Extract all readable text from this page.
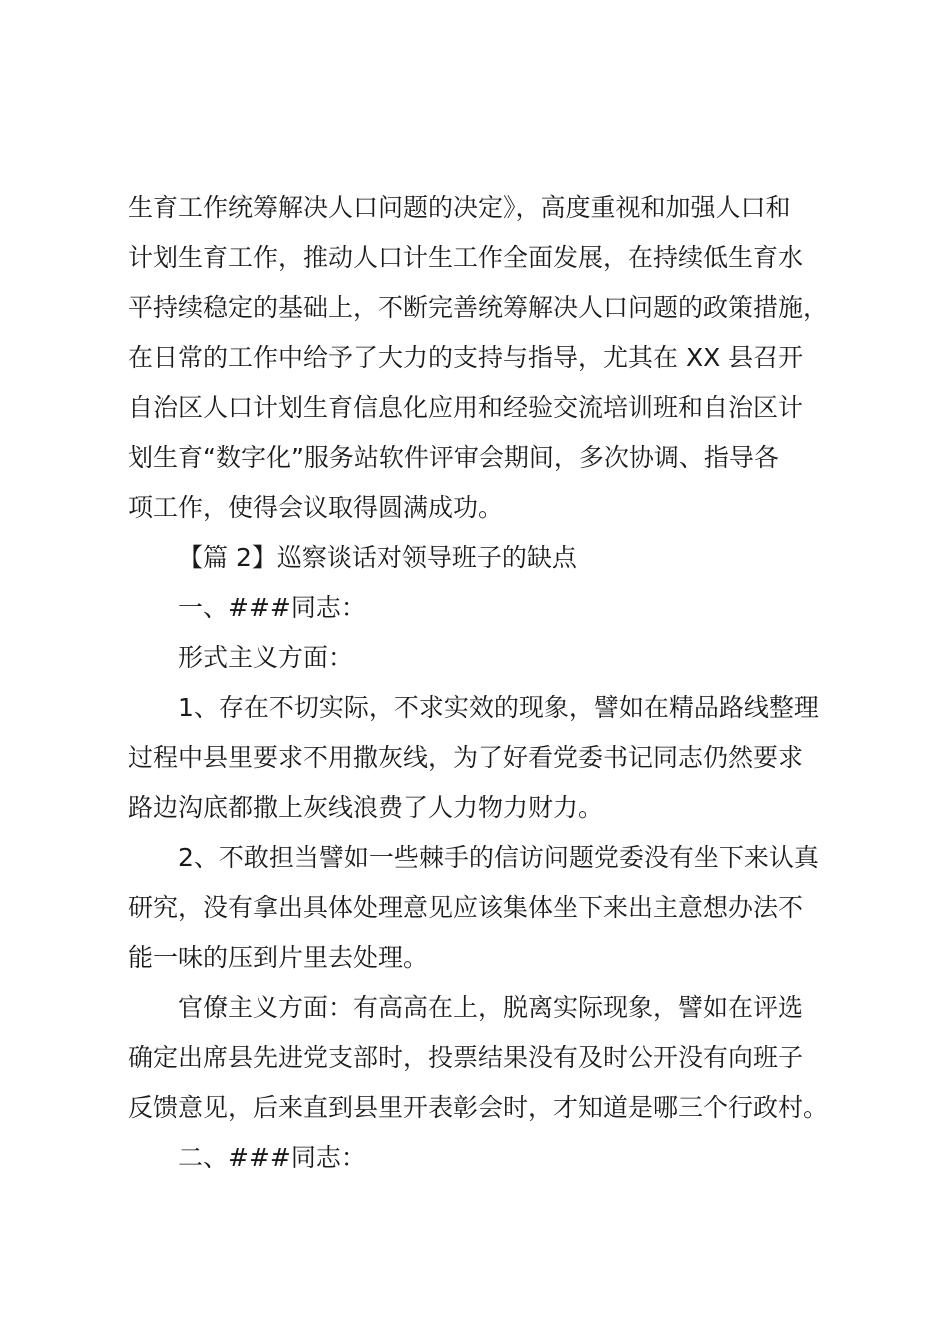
生育工作统筹解决人口问题的决定》，高度重视和加强人口和
计划生育工作，推动人口计生工作全面发展，在持续低生育水
平持续稳定的基础上，不断完善统筹解决人口问题的政策措施，
在日常的工作中给予了大力的支持与指导，尤其在 XX 县召开
自治区人口计划生育信息化应用和经验交流培训班和自治区计
划生育“数字化”服务站软件评审会期间，多次协调、指导各
项工作，使得会议取得圆满成功。
【篇 2】巡察谈话对领导班子的缺点
一、###同志：
形式主义方面：
1、存在不切实际，不求实效的现象，譬如在精品路线整理
过程中县里要求不用撒灰线，为了好看党委书记同志仍然要求
路边沟底都撒上灰线浪费了人力物力财力。
2、不敢担当譬如一些棘手的信访问题党委没有坐下来认真
研究，没有拿出具体处理意见应该集体坐下来出主意想办法不
能一味的压到片里去处理。
官僚主义方面：有高高在上，脱离实际现象，譬如在评选
确定出席县先进党支部时，投票结果没有及时公开没有向班子
反馈意见，后来直到县里开表彰会时，才知道是哪三个行政村。
二、###同志：
